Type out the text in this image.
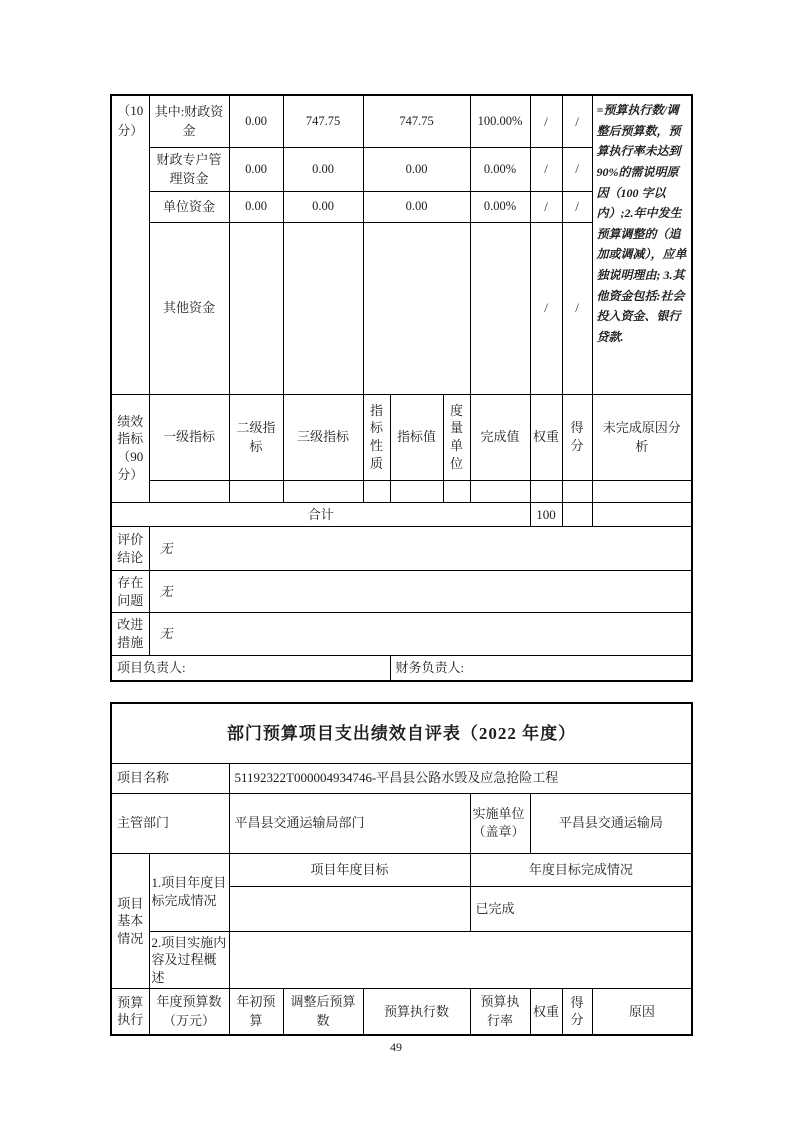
（10 分）	其中:财政资金	0.00	747.75	747.75			100.00%	/	/	=预算执行数/调整后预算数，预算执行率未达到 90%的需说明原因（100 字以内）;2.年中发生预算调整的（追加或调减），应单独说明理由; 3.其他资金包括:社会投入资金、银行贷款.
	财政专户管理资金	0.00	0.00	0.00			0.00%	/	/	
	单位资金	0.00	0.00	0.00			0.00%	/	/	
	其他资金							/	/	
绩效指标（90 分）	一级指标	二级指标	三级指标	指标性质	指标值	度量单位	完成值	权重	得分	未完成原因分析

合计								100		
评价结论	无									
存在问题	无									
改进措施	无									
项目负责人:					财务负责人:					
部门预算项目支出绩效自评表（2022 年度）								
项目名称		51192322T000004934746-平昌县公路水毁及应急抢险工程						
主管部门		平昌县交通运输局部门			实施单位 （盖章）	平昌县交通运输局		
项目基本情况	1.项目年度目标完成情况	项目年度目标			年度目标完成情况			
					已完成			
	2.项目实施内容及过程概述							
预算执行	年度预算数（万元）	年初预算	调整后预算数	预算执行数	预算执行率	权重	得分	原因
49
